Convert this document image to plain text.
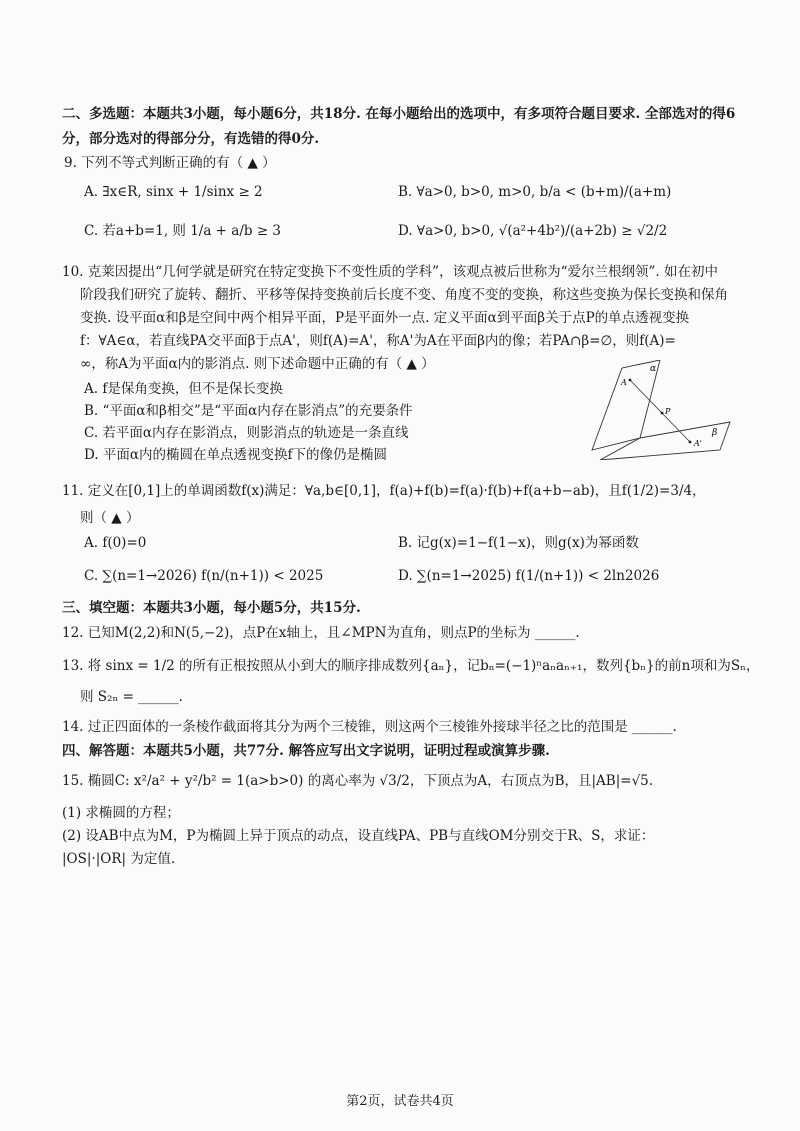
二、多选题：本题共3小题，每小题6分，共18分. 在每小题给出的选项中，有多项符合题目要求. 全部选对的得6
分，部分选对的得部分分，有选错的得0分.
9. 下列不等式判断正确的有（ ▲ ）
A. ∃x∈R, sinx + 1/sinx ≥ 2	B. ∀a>0, b>0, m>0, b/a < (b+m)/(a+m)
C. 若a+b=1, 则 1/a + a/b ≥ 3	D. ∀a>0, b>0, √(a²+4b²)/(a+2b) ≥ √2/2
10. 克莱因提出“几何学就是研究在特定变换下不变性质的学科”，该观点被后世称为“爱尔兰根纲领”. 如在初中
阶段我们研究了旋转、翻折、平移等保持变换前后长度不变、角度不变的变换，称这些变换为保长变换和保角
变换. 设平面α和β是空间中两个相异平面，P是平面外一点. 定义平面α到平面β关于点P的单点透视变换
f：∀A∈α，若直线PA交平面β于点A'，则f(A)=A'，称A'为A在平面β内的像；若PA∩β=∅，则f(A)=
∞，称A为平面α内的影消点. 则下述命题中正确的有（ ▲ ）
A. f是保角变换，但不是保长变换
B. “平面α和β相交”是“平面α内存在影消点”的充要条件
C. 若平面α内存在影消点，则影消点的轨迹是一条直线
D. 平面α内的椭圆在单点透视变换f下的像仍是椭圆
α
A
P
A'
β
11. 定义在[0,1]上的单调函数f(x)满足：∀a,b∈[0,1]，f(a)+f(b)=f(a)·f(b)+f(a+b−ab)，且f(1/2)=3/4，
则（ ▲ ）
A. f(0)=0	B. 记g(x)=1−f(1−x)，则g(x)为幂函数
C. ∑(n=1→2026) f(n/(n+1)) < 2025	D. ∑(n=1→2025) f(1/(n+1)) < 2ln2026
三、填空题：本题共3小题，每小题5分，共15分.
12. 已知M(2,2)和N(5,−2)，点P在x轴上，且∠MPN为直角，则点P的坐标为 ______.
13. 将 sinx = 1/2 的所有正根按照从小到大的顺序排成数列{aₙ}，记bₙ=(−1)ⁿaₙaₙ₊₁，数列{bₙ}的前n项和为Sₙ，
则 S₂ₙ = ______.
14. 过正四面体的一条棱作截面将其分为两个三棱锥，则这两个三棱锥外接球半径之比的范围是 ______.
四、解答题：本题共5小题，共77分. 解答应写出文字说明，证明过程或演算步骤.
15. 椭圆C: x²/a² + y²/b² = 1(a>b>0) 的离心率为 √3/2，下顶点为A，右顶点为B，且|AB|=√5.
(1) 求椭圆的方程；
(2) 设AB中点为M，P为椭圆上异于顶点的动点，设直线PA、PB与直线OM分别交于R、S，求证：
|OS|·|OR| 为定值.
第2页，试卷共4页
